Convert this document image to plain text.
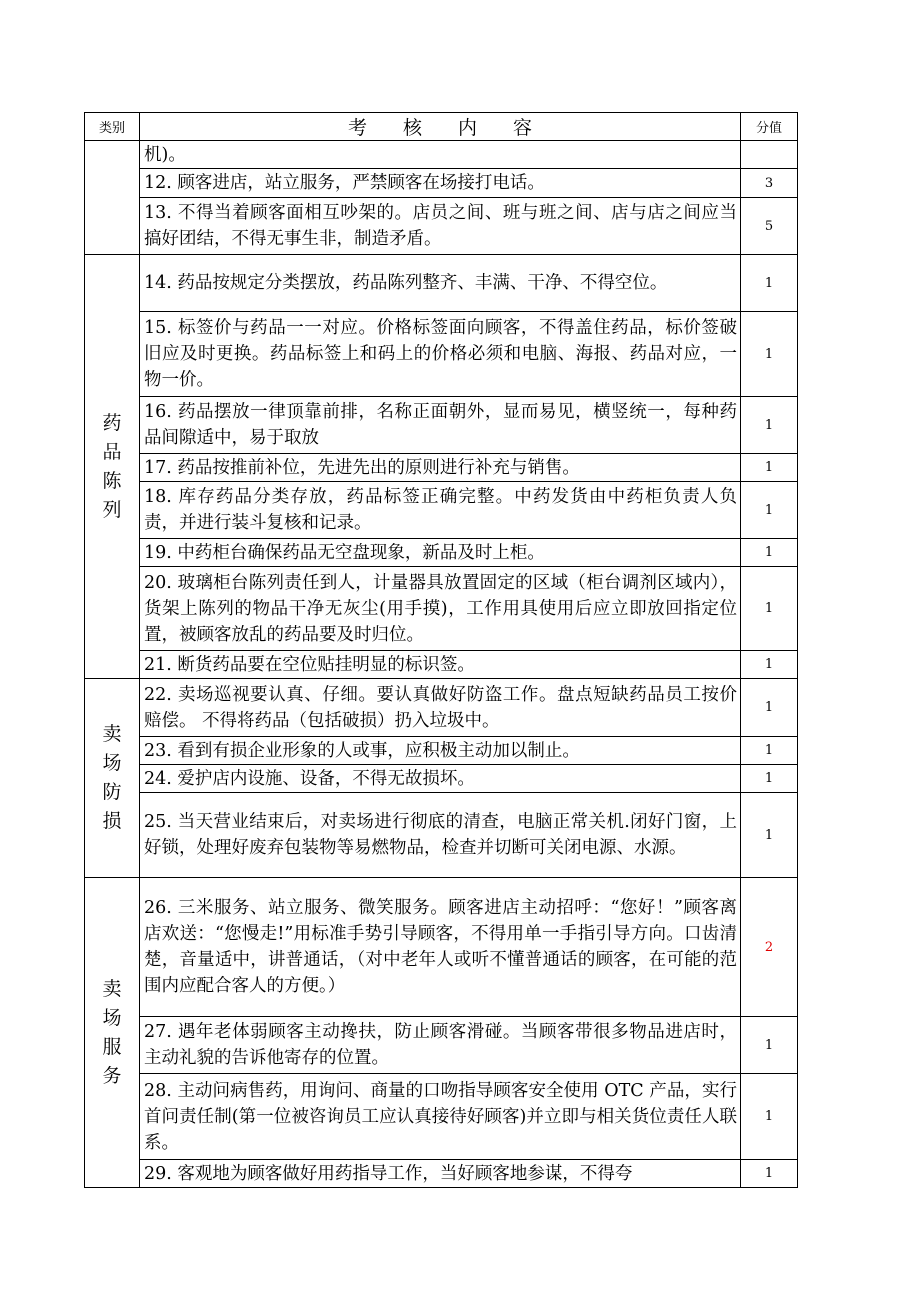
类别	考 核 内 容	分值
	机)。	
	12. 顾客进店，站立服务，严禁顾客在场接打电话。	3
	13. 不得当着顾客面相互吵架的。店员之间、班与班之间、店与店之间应当搞好团结，不得无事生非，制造矛盾。	5

药
品
陈
列	14. 药品按规定分类摆放，药品陈列整齐、丰满、干净、不得空位。	1
	15. 标签价与药品一一对应。价格标签面向顾客，不得盖住药品，标价签破旧应及时更换。药品标签上和码上的价格必须和电脑、海报、药品对应，一物一价。	1
	16. 药品摆放一律顶靠前排，名称正面朝外，显而易见，横竖统一，每种药品间隙适中，易于取放	1
	17. 药品按推前补位，先进先出的原则进行补充与销售。	1
	18. 库存药品分类存放，药品标签正确完整。中药发货由中药柜负责人负责，并进行装斗复核和记录。	1
	19. 中药柜台确保药品无空盘现象，新品及时上柜。	1
	20. 玻璃柜台陈列责任到人，计量器具放置固定的区域（柜台调剂区域内），货架上陈列的物品干净无灰尘(用手摸)，工作用具使用后应立即放回指定位置，被顾客放乱的药品要及时归位。	1
	21. 断货药品要在空位贴挂明显的标识签。	1

卖
场
防
损	22. 卖场巡视要认真、仔细。要认真做好防盗工作。盘点短缺药品员工按价赔偿。 不得将药品（包括破损）扔入垃圾中。	1
	23. 看到有损企业形象的人或事，应积极主动加以制止。	1
	24. 爱护店内设施、设备，不得无故损坏。	1
	25. 当天营业结束后，对卖场进行彻底的清查，电脑正常关机.闭好门窗，上好锁，处理好废弃包装物等易燃物品，检查并切断可关闭电源、水源。	1

卖
场
服
务	26. 三米服务、站立服务、微笑服务。顾客进店主动招呼：“您好！”顾客离店欢送：“您慢走!”用标准手势引导顾客，不得用单一手指引导方向。口齿清楚，音量适中，讲普通话，（对中老年人或听不懂普通话的顾客，在可能的范围内应配合客人的方便。）	2
	27. 遇年老体弱顾客主动搀扶，防止顾客滑碰。当顾客带很多物品进店时，主动礼貌的告诉他寄存的位置。	1
	28. 主动问病售药，用询问、商量的口吻指导顾客安全使用 OTC 产品，实行首问责任制(第一位被咨询员工应认真接待好顾客)并立即与相关货位责任人联系。	1
	29. 客观地为顾客做好用药指导工作，当好顾客地参谋，不得夸	1
